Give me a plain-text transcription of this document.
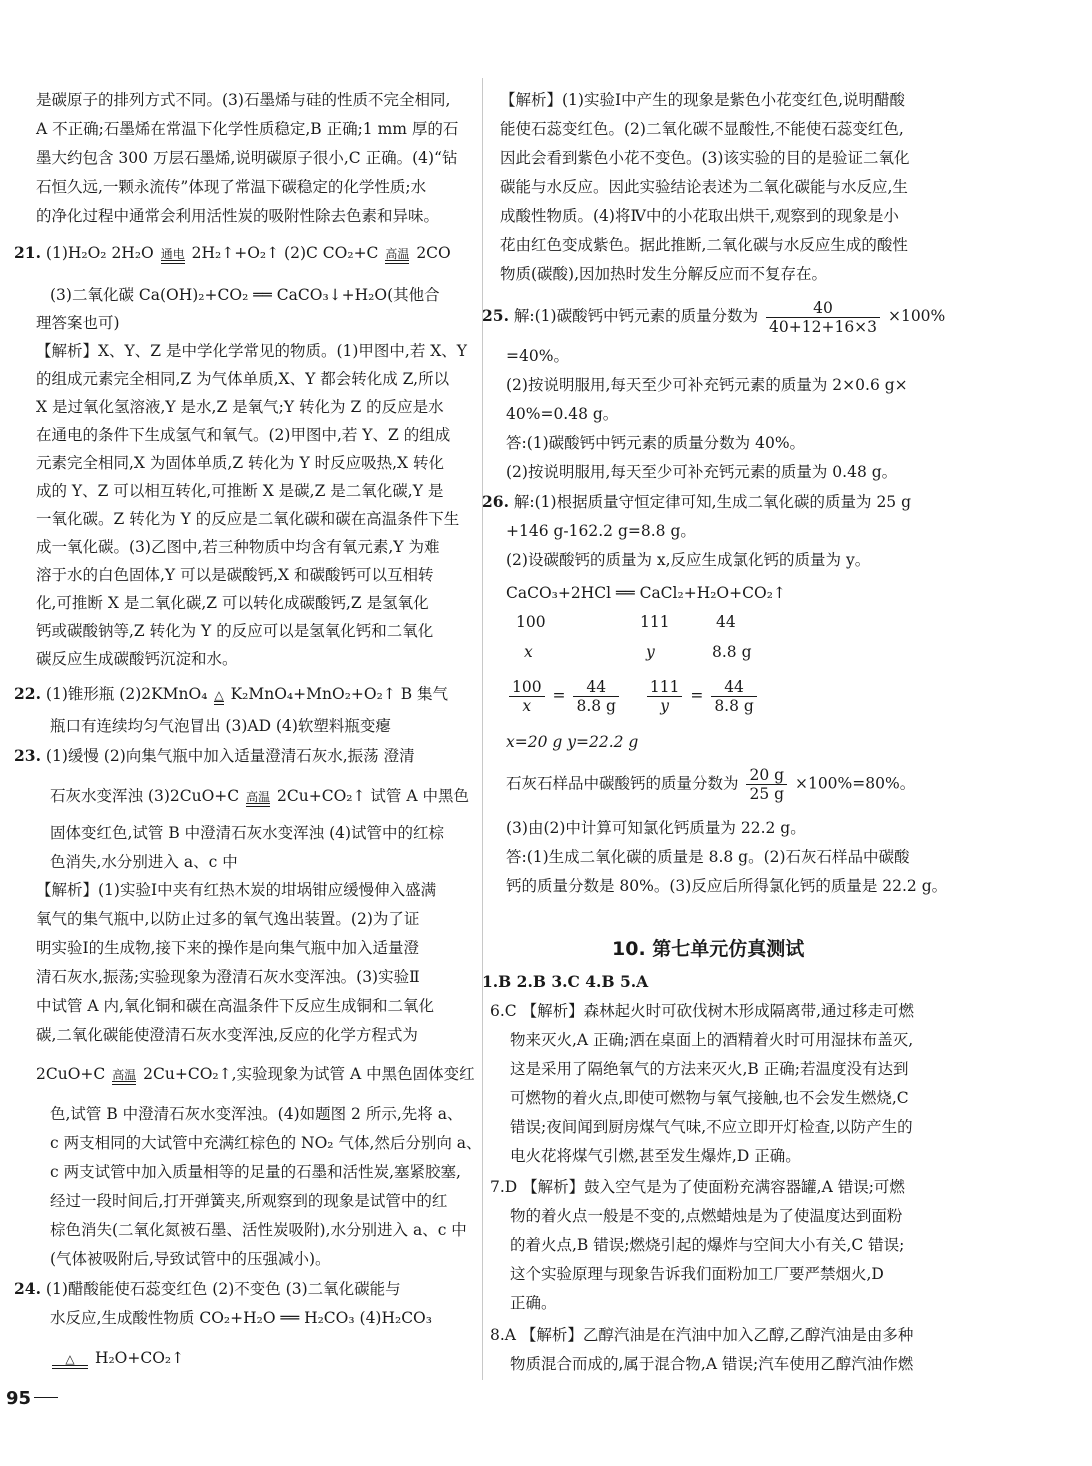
是碳原子的排列方式不同。(3)石墨烯与硅的性质不完全相同,
A 不正确;石墨烯在常温下化学性质稳定,B 正确;1 mm 厚的石
墨大约包含 300 万层石墨烯,说明碳原子很小,C 正确。(4)“钻
石恒久远,一颗永流传”体现了常温下碳稳定的化学性质;水
的净化过程中通常会利用活性炭的吸附性除去色素和异味。
21. (1)H₂O₂ 2H₂O 通电 2H₂↑+O₂↑ (2)C CO₂+C 高温 2CO
(3)二氧化碳 Ca(OH)₂+CO₂ ══ CaCO₃↓+H₂O(其他合
理答案也可)
【解析】X、Y、Z 是中学化学常见的物质。(1)甲图中,若 X、Y
的组成元素完全相同,Z 为气体单质,X、Y 都会转化成 Z,所以
X 是过氧化氢溶液,Y 是水,Z 是氧气;Y 转化为 Z 的反应是水
在通电的条件下生成氢气和氧气。(2)甲图中,若 Y、Z 的组成
元素完全相同,X 为固体单质,Z 转化为 Y 时反应吸热,X 转化
成的 Y、Z 可以相互转化,可推断 X 是碳,Z 是二氧化碳,Y 是
一氧化碳。Z 转化为 Y 的反应是二氧化碳和碳在高温条件下生
成一氧化碳。(3)乙图中,若三种物质中均含有氧元素,Y 为难
溶于水的白色固体,Y 可以是碳酸钙,X 和碳酸钙可以互相转
化,可推断 X 是二氧化碳,Z 可以转化成碳酸钙,Z 是氢氧化
钙或碳酸钠等,Z 转化为 Y 的反应可以是氢氧化钙和二氧化
碳反应生成碳酸钙沉淀和水。
22. (1)锥形瓶 (2)2KMnO₄ △ K₂MnO₄+MnO₂+O₂↑ B 集气
瓶口有连续均匀气泡冒出 (3)AD (4)软塑料瓶变瘪
23. (1)缓慢 (2)向集气瓶中加入适量澄清石灰水,振荡 澄清
石灰水变浑浊 (3)2CuO+C 高温 2Cu+CO₂↑ 试管 A 中黑色
固体变红色,试管 B 中澄清石灰水变浑浊 (4)试管中的红棕
色消失,水分别进入 a、c 中
【解析】(1)实验Ⅰ中夹有红热木炭的坩埚钳应缓慢伸入盛满
氧气的集气瓶中,以防止过多的氧气逸出装置。(2)为了证
明实验Ⅰ的生成物,接下来的操作是向集气瓶中加入适量澄
清石灰水,振荡;实验现象为澄清石灰水变浑浊。(3)实验Ⅱ
中试管 A 内,氧化铜和碳在高温条件下反应生成铜和二氧化
碳,二氧化碳能使澄清石灰水变浑浊,反应的化学方程式为
2CuO+C 高温 2Cu+CO₂↑,实验现象为试管 A 中黑色固体变红
色,试管 B 中澄清石灰水变浑浊。(4)如题图 2 所示,先将 a、
c 两支相同的大试管中充满红棕色的 NO₂ 气体,然后分别向 a、
c 两支试管中加入质量相等的足量的石墨和活性炭,塞紧胶塞,
经过一段时间后,打开弹簧夹,所观察到的现象是试管中的红
棕色消失(二氧化氮被石墨、活性炭吸附),水分别进入 a、c 中
(气体被吸附后,导致试管中的压强减小)。
24. (1)醋酸能使石蕊变红色 (2)不变色 (3)二氧化碳能与
水反应,生成酸性物质 CO₂+H₂O ══ H₂CO₃ (4)H₂CO₃
△	H₂O+CO₂↑
【解析】(1)实验Ⅰ中产生的现象是紫色小花变红色,说明醋酸
能使石蕊变红色。(2)二氧化碳不显酸性,不能使石蕊变红色,
因此会看到紫色小花不变色。(3)该实验的目的是验证二氧化
碳能与水反应。因此实验结论表述为二氧化碳能与水反应,生
成酸性物质。(4)将Ⅳ中的小花取出烘干,观察到的现象是小
花由红色变成紫色。据此推断,二氧化碳与水反应生成的酸性
物质(碳酸),因加热时发生分解反应而不复存在。
25. 解:(1)碳酸钙中钙元素的质量分数为 $\frac{40}{40+12+16\times 3} \times 100\%$
=40%。
(2)按说明服用,每天至少可补充钙元素的质量为 2×0.6 g×
40%=0.48 g。
答:(1)碳酸钙中钙元素的质量分数为 40%。
(2)按说明服用,每天至少可补充钙元素的质量为 0.48 g。
26. 解:(1)根据质量守恒定律可知,生成二氧化碳的质量为 25 g
+146 g-162.2 g=8.8 g。
(2)设碳酸钙的质量为 x,反应生成氯化钙的质量为 y。
CaCO₃+2HCl ══ CaCl₂+H₂O+CO₂↑
100	111	44
x	y	8.8 g
$\frac{100}{x} = \frac{44}{8.8 g}$
$\frac{111}{y} = \frac{44}{8.8 g}$
x=20 g y=22.2 g
石灰石样品中碳酸钙的质量分数为 $\frac{20 g}{25 g} \times 100\%=80\%$。
(3)由(2)中计算可知氯化钙质量为 22.2 g。
答:(1)生成二氧化碳的质量是 8.8 g。(2)石灰石样品中碳酸
钙的质量分数是 80%。(3)反应后所得氯化钙的质量是 22.2 g。
10. 第七单元仿真测试
1.B 2.B 3.C 4.B 5.A
6.C 【解析】森林起火时可砍伐树木形成隔离带,通过移走可燃
物来灭火,A 正确;洒在桌面上的酒精着火时可用湿抹布盖灭,
这是采用了隔绝氧气的方法来灭火,B 正确;若温度没有达到
可燃物的着火点,即使可燃物与氧气接触,也不会发生燃烧,C
错误;夜间闻到厨房煤气气味,不应立即开灯检查,以防产生的
电火花将煤气引燃,甚至发生爆炸,D 正确。
7.D 【解析】鼓入空气是为了使面粉充满容器罐,A 错误;可燃
物的着火点一般是不变的,点燃蜡烛是为了使温度达到面粉
的着火点,B 错误;燃烧引起的爆炸与空间大小有关,C 错误;
这个实验原理与现象告诉我们面粉加工厂要严禁烟火,D
正确。
8.A 【解析】乙醇汽油是在汽油中加入乙醇,乙醇汽油是由多种
物质混合而成的,属于混合物,A 错误;汽车使用乙醇汽油作燃
95
